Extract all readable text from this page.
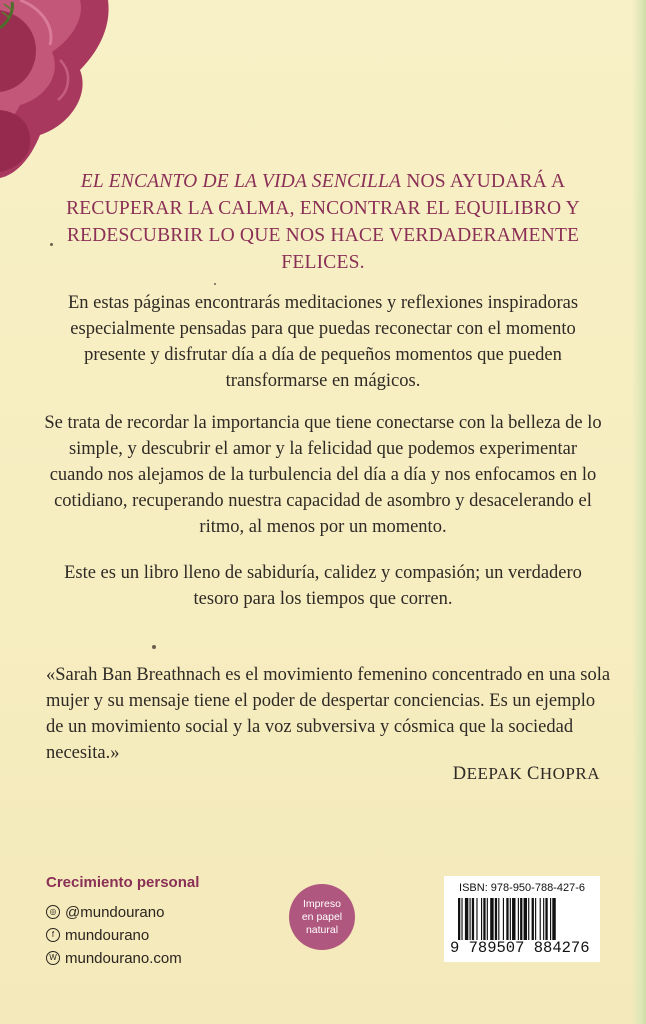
EL ENCANTO DE LA VIDA SENCILLA NOS AYUDARÁ A RECUPERAR LA CALMA, ENCONTRAR EL EQUILIBRO Y REDESCUBRIR LO QUE NOS HACE VERDADERAMENTE FELICES.

En estas páginas encontrarás meditaciones y reflexiones inspiradoras especialmente pensadas para que puedas reconectar con el momento presente y disfrutar día a día de pequeños momentos que pueden transformarse en mágicos.

Se trata de recordar la importancia que tiene conectarse con la belleza de lo simple, y descubrir el amor y la felicidad que podemos experimentar cuando nos alejamos de la turbulencia del día a día y nos enfocamos en lo cotidiano, recuperando nuestra capacidad de asombro y desacelerando el ritmo, al menos por un momento.

Este es un libro lleno de sabiduría, calidez y compasión; un verdadero tesoro para los tiempos que corren.

«Sarah Ban Breathnach es el movimiento femenino concentrado en una sola mujer y su mensaje tiene el poder de despertar conciencias. Es un ejemplo de un movimiento social y la voz subversiva y cósmica que la sociedad necesita.»

DEEPAK CHOPRA
Crecimiento personal
◎ @mundourano
f mundourano
W mundourano.com
Impreso
en papel
natural
ISBN: 978-950-788-427-6
9 789507 884276
